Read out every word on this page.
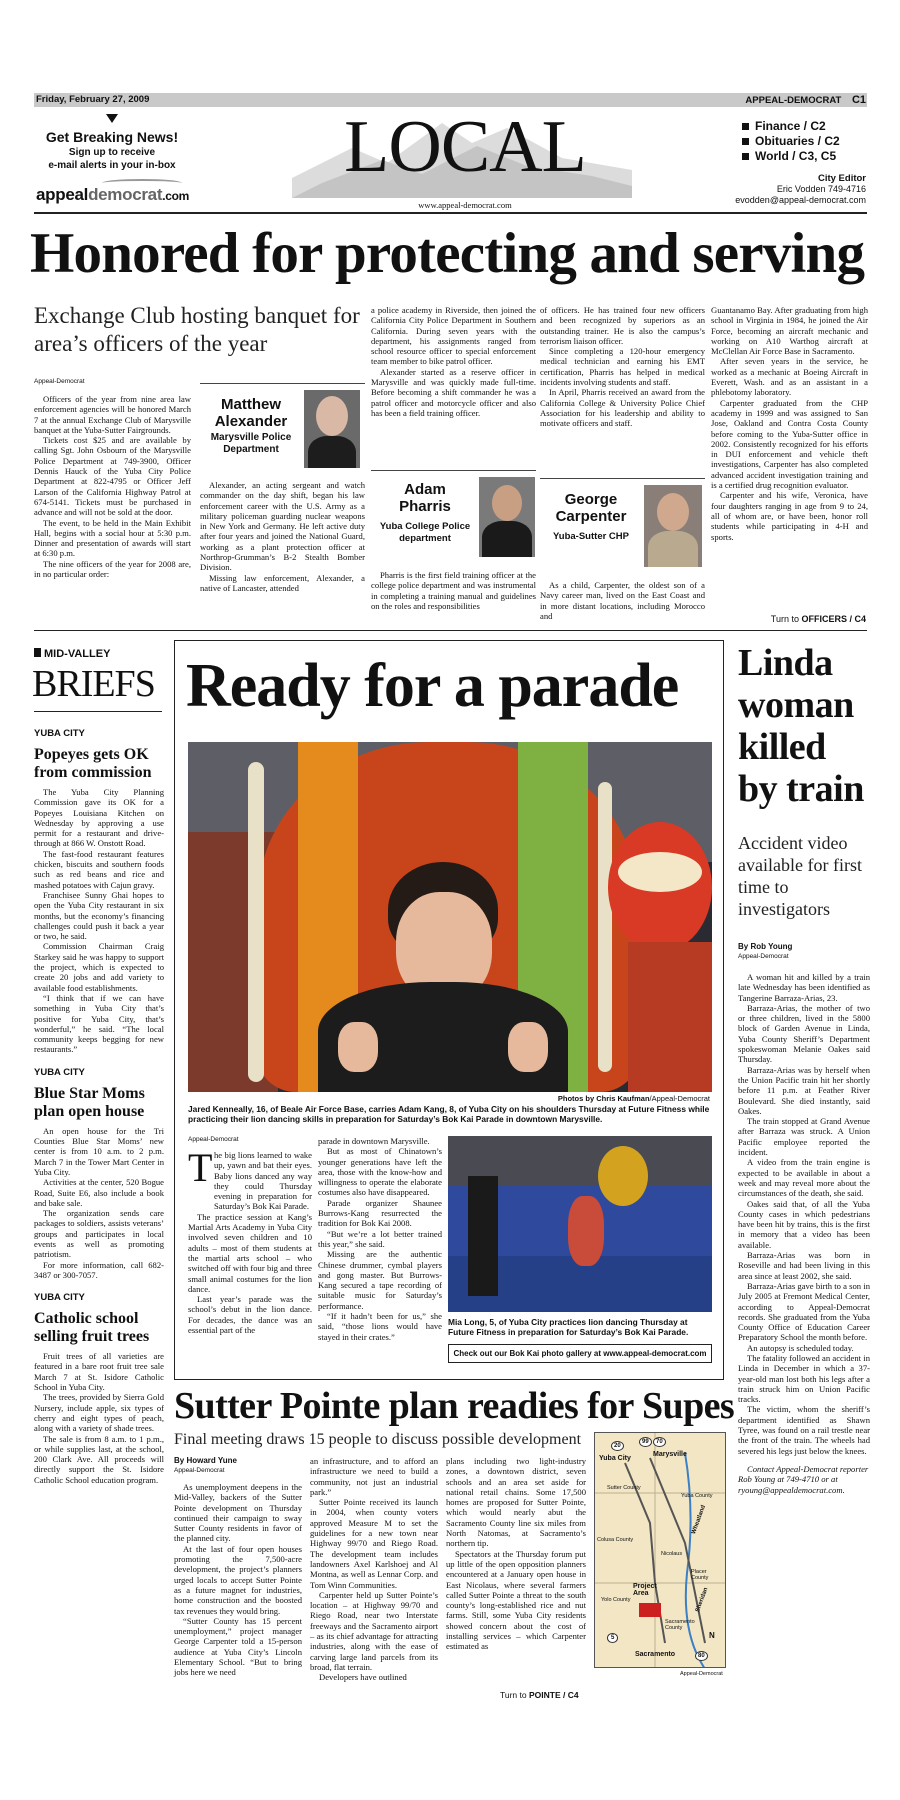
Friday, February 27, 2009	APPEAL-DEMOCRAT C1
Get Breaking News!
Sign up to receive
e-mail alerts in your in-box
appealdemocrat.com
LOCAL
www.appeal-democrat.com
Finance / C2
Obituaries / C2
World / C3, C5
City Editor
Eric Vodden 749-4716
evodden@appeal-democrat.com
Honored for protecting and serving
Exchange Club hosting banquet for area’s officers of the year
Appeal-Democrat

Officers of the year from nine area law enforcement agencies will be honored March 7 at the annual Exchange Club of Marysville banquet at the Yuba-Sutter Fairgrounds.

Tickets cost $25 and are available by calling Sgt. John Osbourn of the Marysville Police Department at 749-3900, Officer Dennis Hauck of the Yuba City Police Department at 822-4795 or Officer Jeff Larson of the California Highway Patrol at 674-5141. Tickets must be purchased in advance and will not be sold at the door.

The event, to be held in the Main Exhibit Hall, begins with a social hour at 5:30 p.m. Dinner and presentation of awards will start at 6:30 p.m.

The nine officers of the year for 2008 are, in no particular order:

Matthew Alexander
Marysville Police Department

Alexander, an acting sergeant and watch commander on the day shift, began his law enforcement career with the U.S. Army as a military policeman guarding nuclear weapons in New York and Germany. He left active duty after four years and joined the National Guard, working as a plant protection officer at Northrop-Grumman’s B-2 Stealth Bomber Division.

Missing law enforcement, Alexander, a native of Lancaster, attended

a police academy in Riverside, then joined the California City Police Department in Southern California. During seven years with the department, his assignments ranged from school resource officer to special enforcement team member to bike patrol officer.

Alexander started as a reserve officer in Marysville and was quickly made full-time. Before becoming a shift commander he was a patrol officer and motorcycle officer and also has been a field training officer.

Adam Pharris
Yuba College Police department

Pharris is the first field training officer at the college police department and was instrumental in completing a training manual and guidelines on the roles and responsibilities

of officers. He has trained four new officers and been recognized by superiors as an outstanding trainer. He is also the campus’s terrorism liaison officer.

Since completing a 120-hour emergency medical technician and earning his EMT certification, Pharris has helped in medical incidents involving students and staff.

In April, Pharris received an award from the California College & University Police Chief Association for his leadership and ability to motivate officers and staff.

George Carpenter
Yuba-Sutter CHP

As a child, Carpenter, the oldest son of a Navy career man, lived on the East Coast and in more distant locations, including Morocco and

Guantanamo Bay. After graduating from high school in Virginia in 1984, he joined the Air Force, becoming an aircraft mechanic and working on A10 Warthog aircraft at McClellan Air Force Base in Sacramento.

After seven years in the service, he worked as a mechanic at Boeing Aircraft in Everett, Wash. and as an assistant in a phlebotomy laboratory.

Carpenter graduated from the CHP academy in 1999 and was assigned to San Jose, Oakland and Contra Costa County before coming to the Yuba-Sutter office in 2002. Consistently recognized for his efforts in DUI enforcement and vehicle theft investigations, Carpenter has also completed advanced accident investigation training and is a certified drug recognition evaluator.

Carpenter and his wife, Veronica, have four daughters ranging in age from 9 to 24, all of whom are, or have been, honor roll students while participating in 4-H and sports.

Turn to OFFICERS / C4
MID-VALLEY
BRIEFS
YUBA CITY
Popeyes gets OK from commission

The Yuba City Planning Commission gave its OK for a Popeyes Louisiana Kitchen on Wednesday by approving a use permit for a restaurant and drive-through at 866 W. Onstott Road.

The fast-food restaurant features chicken, biscuits and southern foods such as red beans and rice and mashed potatoes with Cajun gravy.

Franchisee Sunny Ghai hopes to open the Yuba City restaurant in six months, but the economy’s financing challenges could push it back a year or two, he said.

Commission Chairman Craig Starkey said he was happy to support the project, which is expected to create 20 jobs and add variety to available food establishments.

“I think that if we can have something in Yuba City that’s positive for Yuba City, that’s wonderful,” he said. “The local community keeps begging for new restaurants.”

YUBA CITY
Blue Star Moms plan open house

An open house for the Tri Counties Blue Star Moms’ new center is from 10 a.m. to 2 p.m. March 7 in the Tower Mart Center in Yuba City.

Activities at the center, 520 Bogue Road, Suite E6, also include a book and bake sale.

The organization sends care packages to soldiers, assists veterans’ groups and participates in local events as well as promoting patriotism.

For more information, call 682-3487 or 300-7057.

YUBA CITY
Catholic school selling fruit trees

Fruit trees of all varieties are featured in a bare root fruit tree sale March 7 at St. Isidore Catholic School in Yuba City.

The trees, provided by Sierra Gold Nursery, include apple, six types of cherry and eight types of peach, along with a variety of shade trees.

The sale is from 8 a.m. to 1 p.m., or while supplies last, at the school, 200 Clark Ave. All proceeds will directly support the St. Isidore Catholic School education program.

Ready for a parade
Photos by Chris Kaufman/Appeal-Democrat
Jared Kenneally, 16, of Beale Air Force Base, carries Adam Kang, 8, of Yuba City on his shoulders Thursday at Future Fitness while practicing their lion dancing skills in preparation for Saturday’s Bok Kai Parade in downtown Marysville.
Appeal-Democrat
T he big lions learned to wake up, yawn and bat their eyes. Baby lions danced any way they could Thursday evening in preparation for Saturday’s Bok Kai Parade.

The practice session at Kang’s Martial Arts Academy in Yuba City involved seven children and 10 adults – most of them students at the martial arts school – who switched off with four big and three small animal costumes for the lion dance.

Last year’s parade was the school’s debut in the lion dance. For decades, the dance was an essential part of the

parade in downtown Marysville.

But as most of Chinatown’s younger generations have left the area, those with the know-how and willingness to operate the elaborate costumes also have disappeared.

Parade organizer Shaunee Burrows-Kang resurrected the tradition for Bok Kai 2008.

“But we’re a lot better trained this year,” she said.

Missing are the authentic Chinese drummer, cymbal players and gong master. But Burrows-Kang secured a tape recording of suitable music for Saturday’s performance.

“If it hadn’t been for us,” she said, “those lions would have stayed in their crates.”

Mia Long, 5, of Yuba City practices lion dancing Thursday at Future Fitness in preparation for Saturday’s Bok Kai Parade.
Check out our Bok Kai photo gallery at www.appeal-democrat.com
Sutter Pointe plan readies for Supes
Final meeting draws 15 people to discuss possible development
By Howard Yune
Appeal-Democrat

As unemployment deepens in the Mid-Valley, backers of the Sutter Pointe development on Thursday continued their campaign to sway Sutter County residents in favor of the planned city.

At the last of four open houses promoting the 7,500-acre development, the project’s planners urged locals to accept Sutter Pointe as a future magnet for industries, home construction and the boosted tax revenues they would bring.

“Sutter County has 15 percent unemployment,” project manager George Carpenter told a 15-person audience at Yuba City’s Lincoln Elementary School. “But to bring jobs here we need

an infrastructure, and to afford an infrastructure we need to build a community, not just an industrial park.”

Sutter Pointe received its launch in 2004, when county voters approved Measure M to set the guidelines for a new town near Highway 99/70 and Riego Road. The development team includes landowners Axel Karlshoej and Al Montna, as well as Lennar Corp. and Tom Winn Communities.

Carpenter held up Sutter Pointe’s location – at Highway 99/70 and Riego Road, near two Interstate freeways and the Sacramento airport – as its chief advantage for attracting industries, along with the ease of carving large land parcels from its broad, flat terrain.

Developers have outlined

plans including two light-industry zones, a downtown district, seven schools and an area set aside for national retail chains. Some 17,500 homes are proposed for Sutter Pointe, which would nearly abut the Sacramento County line six miles from North Natomas, at Sacramento’s northern tip.

Spectators at the Thursday forum put up little of the open opposition planners encountered at a January open house in East Nicolaus, where several farmers called Sutter Pointe a threat to the south county’s long-established rice and nut farms. Still, some Yuba City residents showed concern about the cost of installing services – which Carpenter estimated as

Turn to POINTE / C4
Yuba City
Marysville
Sutter County
Yuba County
Colusa County
Wheatland
Nicolaus
Placer County
Yolo County
Project Area	Sheridan
Sacramento County
Sacramento
20
99	70
5
80
N
Appeal-Democrat
Linda woman killed by train
Accident video available for first time to investigators
By Rob Young
Appeal-Democrat

A woman hit and killed by a train late Wednesday has been identified as Tangerine Barraza-Arias, 23.

Barraza-Arias, the mother of two or three children, lived in the 5800 block of Garden Avenue in Linda, Yuba County Sheriff’s Department spokeswoman Melanie Oakes said Thursday.

Barraza-Arias was by herself when the Union Pacific train hit her shortly before 11 p.m. at Feather River Boulevard. She died instantly, said Oakes.

The train stopped at Grand Avenue after Barraza was struck. A Union Pacific employee reported the incident.

A video from the train engine is expected to be available in about a week and may reveal more about the circumstances of the death, she said.

Oakes said that, of all the Yuba County cases in which pedestrians have been hit by trains, this is the first in memory that a video has been available.

Barraza-Arias was born in Roseville and had been living in this area since at least 2002, she said.

Barraza-Arias gave birth to a son in July 2005 at Fremont Medical Center, according to Appeal-Democrat records. She graduated from the Yuba County Office of Education Career Preparatory School the month before.

An autopsy is scheduled today.

The fatality followed an accident in Linda in December in which a 37-year-old man lost both his legs after a train struck him on Union Pacific tracks.

The victim, whom the sheriff’s department identified as Shawn Tyree, was found on a rail trestle near the front of the train. The wheels had severed his legs just below the knees.

Contact Appeal-Democrat reporter Rob Young at 749-4710 or at ryoung@appealdemocrat.com.
